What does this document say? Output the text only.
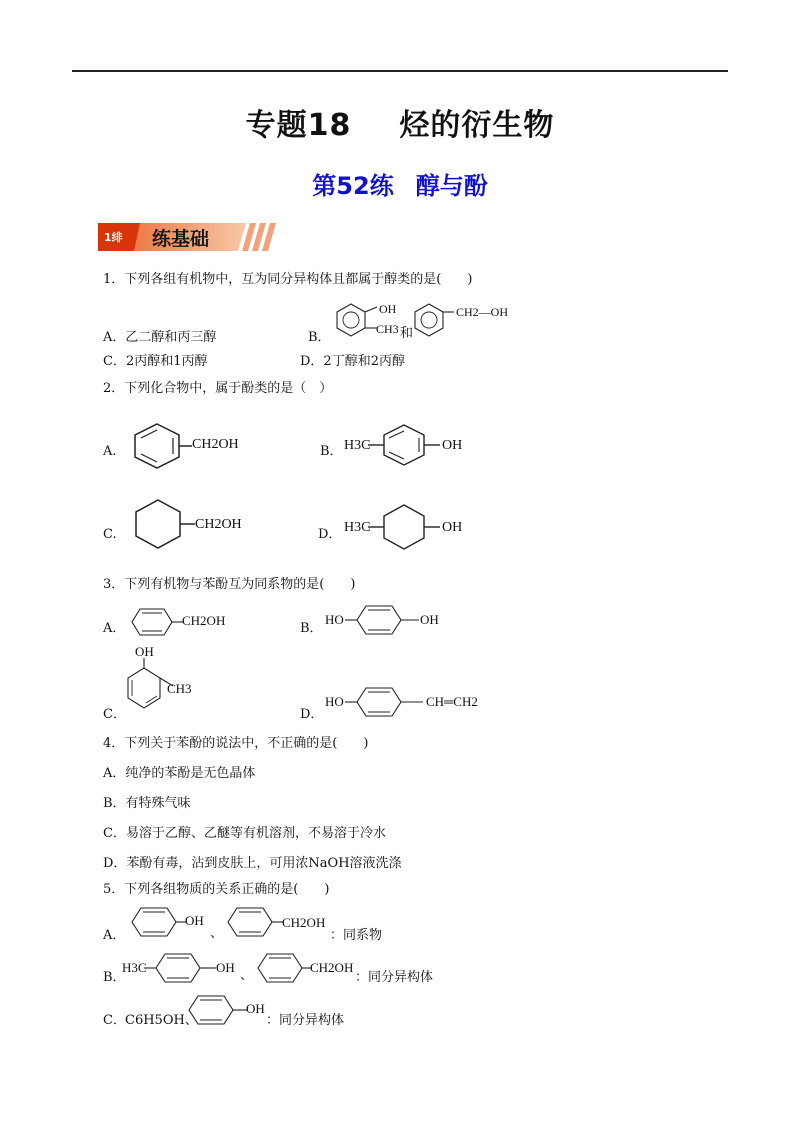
专题18 烃的衍生物
第52练 醇与酚
1绯 练基础
1．下列各组有机物中，互为同分异构体且都属于醇类的是(　　)
A．乙二醇和丙三醇	B．
OH
CH3 和
CH2—OH
C．2丙醇和1丙醇	D．2丁醇和2丙醇
2．下列化合物中，属于酚类的是（　）
A.	CH2OH	B． H3C	OH
C.
CH2OH
D． H3C	OH
3．下列有机物与苯酚互为同系物的是(　　)
A．
CH2OH
B．
HO	OH
OH
CH3
C．	D．
HO	CH═CH2
4．下列关于苯酚的说法中，不正确的是(　　)
A．纯净的苯酚是无色晶体
B．有特殊气味
C．易溶于乙醇、乙醚等有机溶剂，不易溶于冷水
D．苯酚有毒，沾到皮肤上，可用浓NaOH溶液洗涤
5．下列各组物质的关系正确的是(　　)
A．
OH
、
CH2OH
：同系物
B．
H3C	OH
、
CH2OH
：同分异构体
C． C6H5OH、
OH
：同分异构体
